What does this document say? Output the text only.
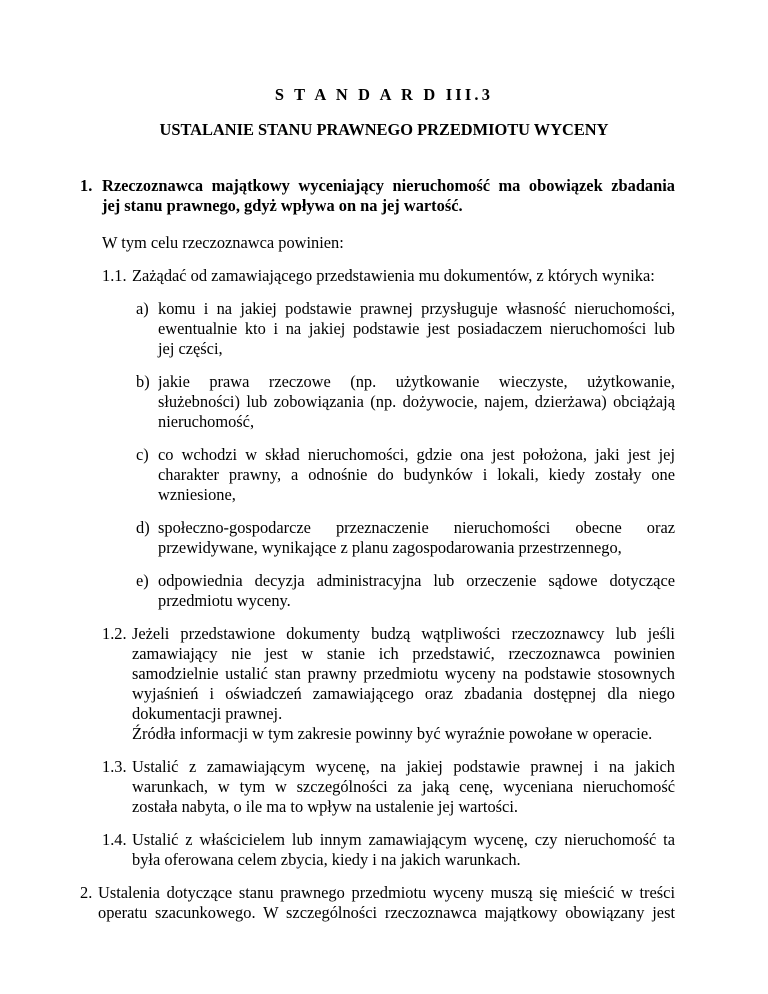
S T A N D A R D III.3
USTALANIE STANU PRAWNEGO PRZEDMIOTU WYCENY
1. Rzeczoznawca majątkowy wyceniający nieruchomość ma obowiązek zbadania
jej stanu prawnego, gdyż wpływa on na jej wartość.
W tym celu rzeczoznawca powinien:
1.1. Zażądać od zamawiającego przedstawienia mu dokumentów, z których wynika:
a) komu i na jakiej podstawie prawnej przysługuje własność nieruchomości,
ewentualnie kto i na jakiej podstawie jest posiadaczem nieruchomości lub
jej części,
b) jakie prawa rzeczowe (np. użytkowanie wieczyste, użytkowanie,
służebności) lub zobowiązania (np. dożywocie, najem, dzierżawa) obciążają
nieruchomość,
c) co wchodzi w skład nieruchomości, gdzie ona jest położona, jaki jest jej
charakter prawny, a odnośnie do budynków i lokali, kiedy zostały one
wzniesione,
d) społeczno-gospodarcze przeznaczenie nieruchomości obecne oraz
przewidywane, wynikające z planu zagospodarowania przestrzennego,
e) odpowiednia decyzja administracyjna lub orzeczenie sądowe dotyczące
przedmiotu wyceny.
1.2. Jeżeli przedstawione dokumenty budzą wątpliwości rzeczoznawcy lub jeśli
zamawiający nie jest w stanie ich przedstawić, rzeczoznawca powinien
samodzielnie ustalić stan prawny przedmiotu wyceny na podstawie stosownych
wyjaśnień i oświadczeń zamawiającego oraz zbadania dostępnej dla niego
dokumentacji prawnej.
Źródła informacji w tym zakresie powinny być wyraźnie powołane w operacie.
1.3. Ustalić z zamawiającym wycenę, na jakiej podstawie prawnej i na jakich
warunkach, w tym w szczególności za jaką cenę, wyceniana nieruchomość
została nabyta, o ile ma to wpływ na ustalenie jej wartości.
1.4. Ustalić z właścicielem lub innym zamawiającym wycenę, czy nieruchomość ta
była oferowana celem zbycia, kiedy i na jakich warunkach.
2. Ustalenia dotyczące stanu prawnego przedmiotu wyceny muszą się mieścić w treści
operatu szacunkowego. W szczególności rzeczoznawca majątkowy obowiązany jest
